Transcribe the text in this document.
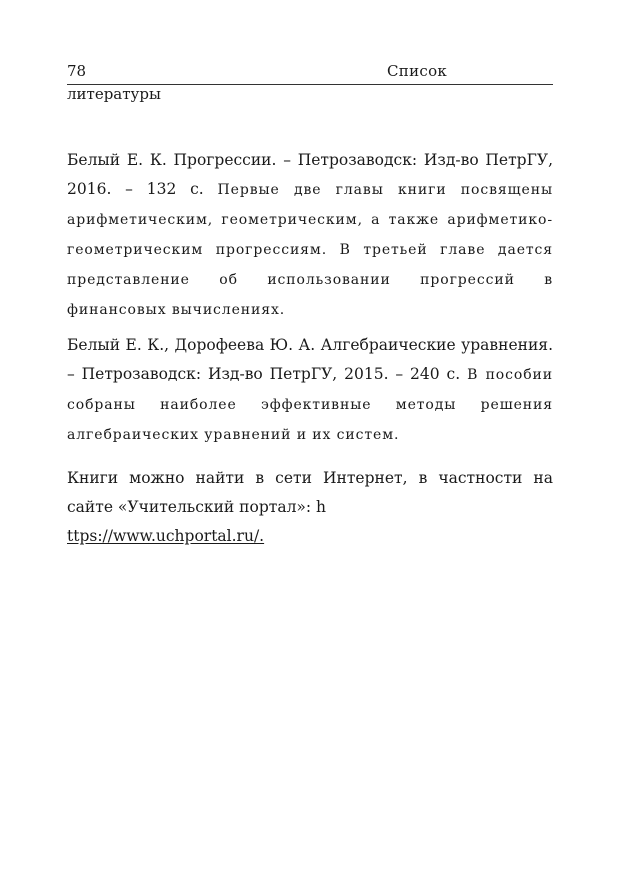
78	Список
литературы

Белый Е. К. Прогрессии. – Петрозаводск: Изд-во ПетрГУ, 2016. – 132 с. Первые две главы книги посвящены арифметическим, геометрическим, а также арифметико-геометрическим прогрессиям. В третьей главе дается представление об использовании прогрессий в финансовых вычислениях.

Белый Е. К., Дорофеева Ю. А. Алгебраические уравнения. – Петрозаводск: Изд-во ПетрГУ, 2015. – 240 с. В пособии собраны наиболее эффективные методы решения алгебраических уравнений и их систем.

Книги можно найти в сети Интернет, в частности на сайте «Учительский портал»: h
ttps://www.uchportal.ru/.
